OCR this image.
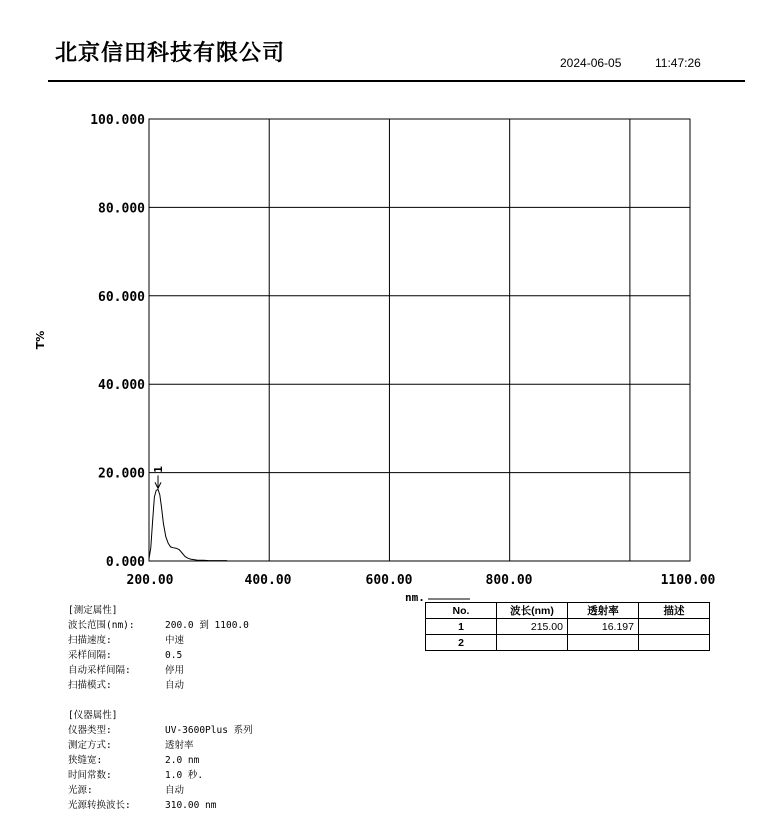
北京信田科技有限公司	2024-06-05	11:47:26
0.000
20.000
40.000
60.000
80.000
100.000
200.00	400.00	600.00	800.00	1100.00
T%
nm.
1
[测定属性]
波长范围(nm):	200.0 到 1100.0
扫描速度:	中速
采样间隔:	0.5
自动采样间隔:	停用
扫描模式:	自动
[仪器属性]
仪器类型:	UV-3600Plus 系列
测定方式:	透射率
狭缝宽:	2.0 nm
时间常数:	1.0 秒.
光源:	自动
光源转换波长:	310.00 nm
No.	波长(nm)	透射率	描述
1	215.00	16.197	
2			
